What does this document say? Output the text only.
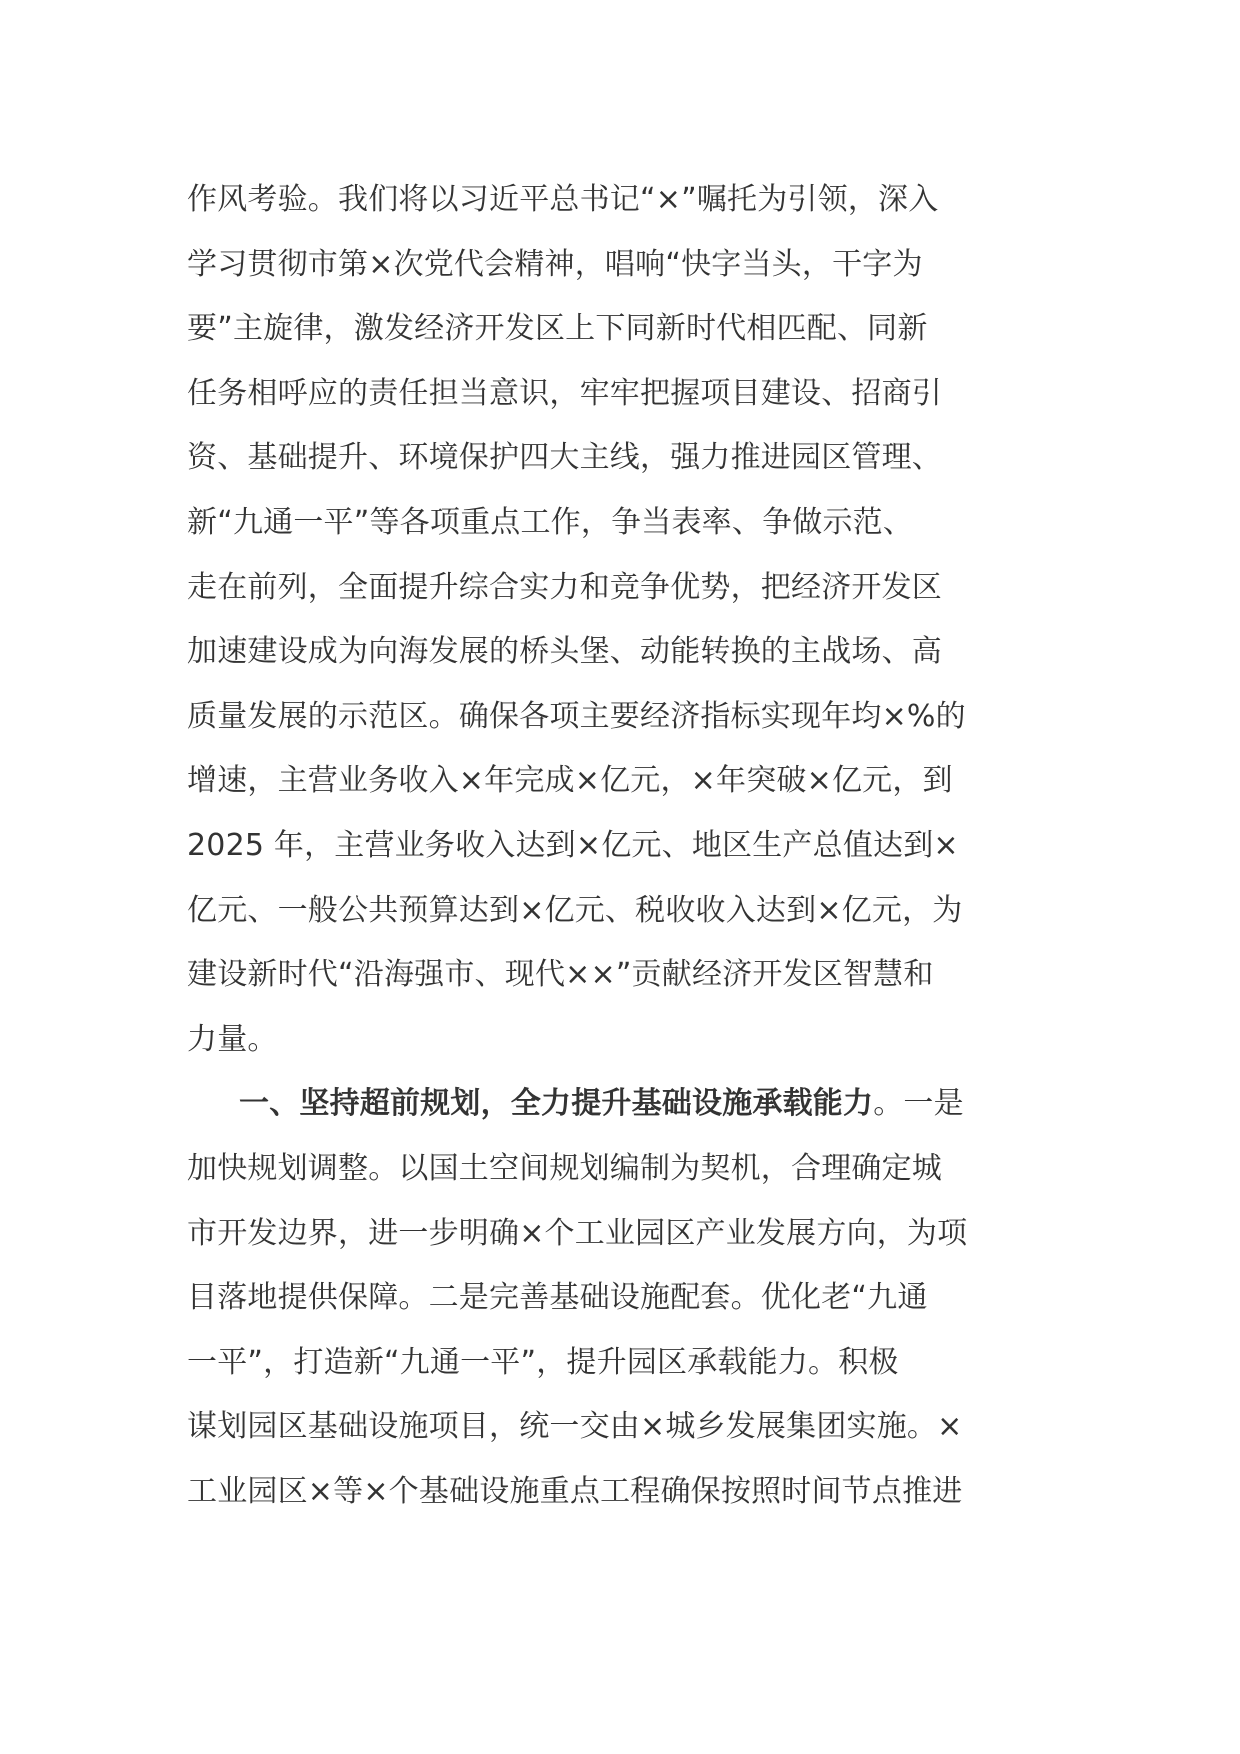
作风考验。我们将以习近平总书记“×”嘱托为引领，深入
学习贯彻市第×次党代会精神，唱响“快字当头，干字为
要”主旋律，激发经济开发区上下同新时代相匹配、同新
任务相呼应的责任担当意识，牢牢把握项目建设、招商引
资、基础提升、环境保护四大主线，强力推进园区管理、
新“九通一平”等各项重点工作，争当表率、争做示范、
走在前列，全面提升综合实力和竞争优势，把经济开发区
加速建设成为向海发展的桥头堡、动能转换的主战场、高
质量发展的示范区。确保各项主要经济指标实现年均×%的
增速，主营业务收入×年完成×亿元，×年突破×亿元，到
2025 年，主营业务收入达到×亿元、地区生产总值达到×
亿元、一般公共预算达到×亿元、税收收入达到×亿元，为
建设新时代“沿海强市、现代××”贡献经济开发区智慧和
力量。
一、坚持超前规划，全力提升基础设施承载能力。一是
加快规划调整。以国土空间规划编制为契机，合理确定城
市开发边界，进一步明确×个工业园区产业发展方向，为项
目落地提供保障。二是完善基础设施配套。优化老“九通
一平”，打造新“九通一平”，提升园区承载能力。积极
谋划园区基础设施项目，统一交由×城乡发展集团实施。×
工业园区×等×个基础设施重点工程确保按照时间节点推进
